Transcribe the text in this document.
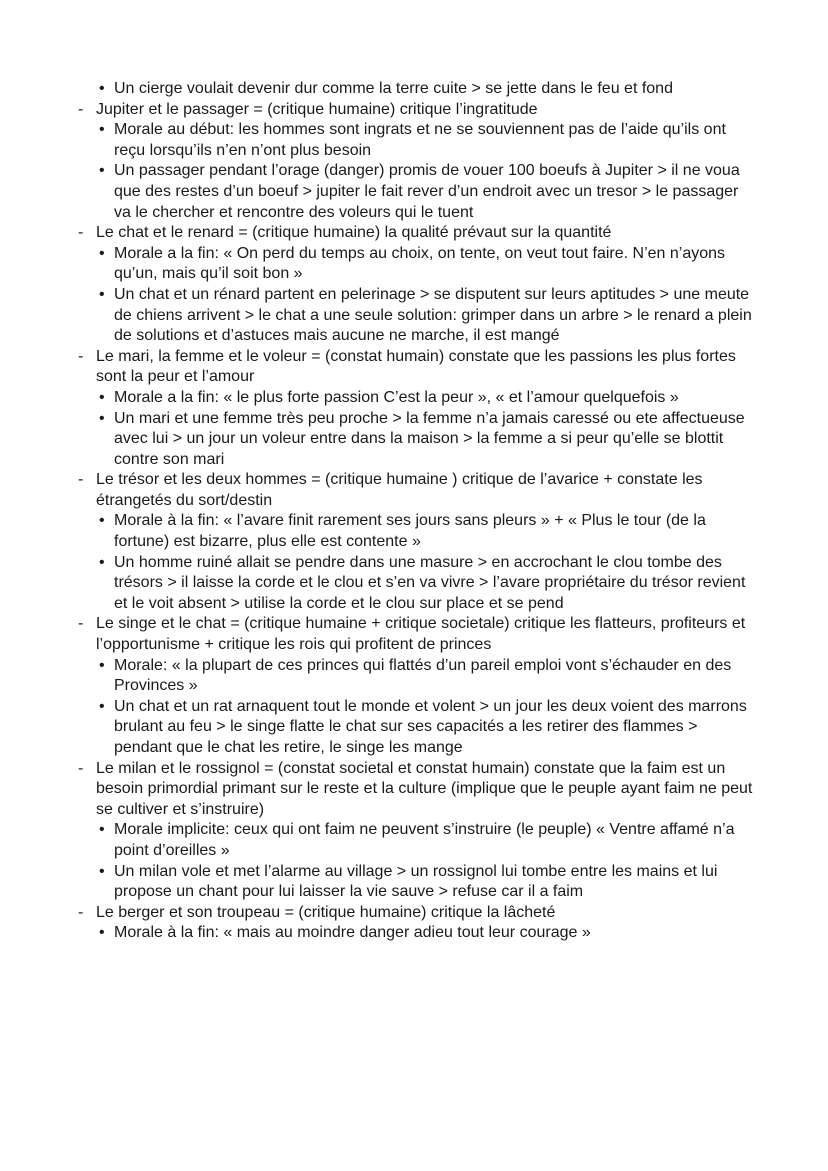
• Un cierge voulait devenir dur comme la terre cuite > se jette dans le feu et fond
- Jupiter et le passager = (critique humaine) critique l’ingratitude
• Morale au début: les hommes sont ingrats et ne se souviennent pas de l’aide qu’ils ont reçu lorsqu’ils n’en n’ont plus besoin
• Un passager pendant l’orage (danger) promis de vouer 100 boeufs à Jupiter > il ne voua que des restes d’un boeuf > jupiter le fait rever d’un endroit avec un tresor > le passager va le chercher et rencontre des voleurs qui le tuent
- Le chat et le renard = (critique humaine) la qualité prévaut sur la quantité
• Morale a la fin: « On perd du temps au choix, on tente, on veut tout faire. N’en n’ayons qu’un, mais qu’il soit bon »
• Un chat et un rénard partent en pelerinage > se disputent sur leurs aptitudes > une meute de chiens arrivent > le chat a une seule solution: grimper dans un arbre > le renard a plein de solutions et d’astuces mais aucune ne marche, il est mangé
- Le mari, la femme et le voleur = (constat humain) constate que les passions les plus fortes sont la peur et l’amour
• Morale a la fin: « le plus forte passion C’est la peur », « et l’amour quelquefois »
• Un mari et une femme très peu proche > la femme n’a jamais caressé ou ete affectueuse avec lui > un jour un voleur entre dans la maison > la femme a si peur qu’elle se blottit contre son mari
- Le trésor et les deux hommes = (critique humaine ) critique de l’avarice + constate les étrangetés du sort/destin
• Morale à la fin: « l’avare finit rarement ses jours sans pleurs » + « Plus le tour (de la fortune) est bizarre, plus elle est contente »
• Un homme ruiné allait se pendre dans une masure > en accrochant le clou tombe des trésors > il laisse la corde et le clou et s’en va vivre > l’avare propriétaire du trésor revient et le voit absent > utilise la corde et le clou sur place et se pend
- Le singe et le chat = (critique humaine + critique societale) critique les flatteurs, profiteurs et l’opportunisme + critique les rois qui profitent de princes
• Morale: « la plupart de ces princes qui flattés d’un pareil emploi vont s’échauder en des Provinces »
• Un chat et un rat arnaquent tout le monde et volent > un jour les deux voient des marrons brulant au feu > le singe flatte le chat sur ses capacités a les retirer des flammes > pendant que le chat les retire, le singe les mange
- Le milan et le rossignol = (constat societal et constat humain) constate que la faim est un besoin primordial primant sur le reste et la culture (implique que le peuple ayant faim ne peut se cultiver et s’instruire)
• Morale implicite: ceux qui ont faim ne peuvent s’instruire (le peuple) « Ventre affamé n’a point d’oreilles »
• Un milan vole et met l’alarme au village > un rossignol lui tombe entre les mains et lui propose un chant pour lui laisser la vie sauve > refuse car il a faim
- Le berger et son troupeau = (critique humaine) critique la lâcheté
• Morale à la fin: « mais au moindre danger adieu tout leur courage »
